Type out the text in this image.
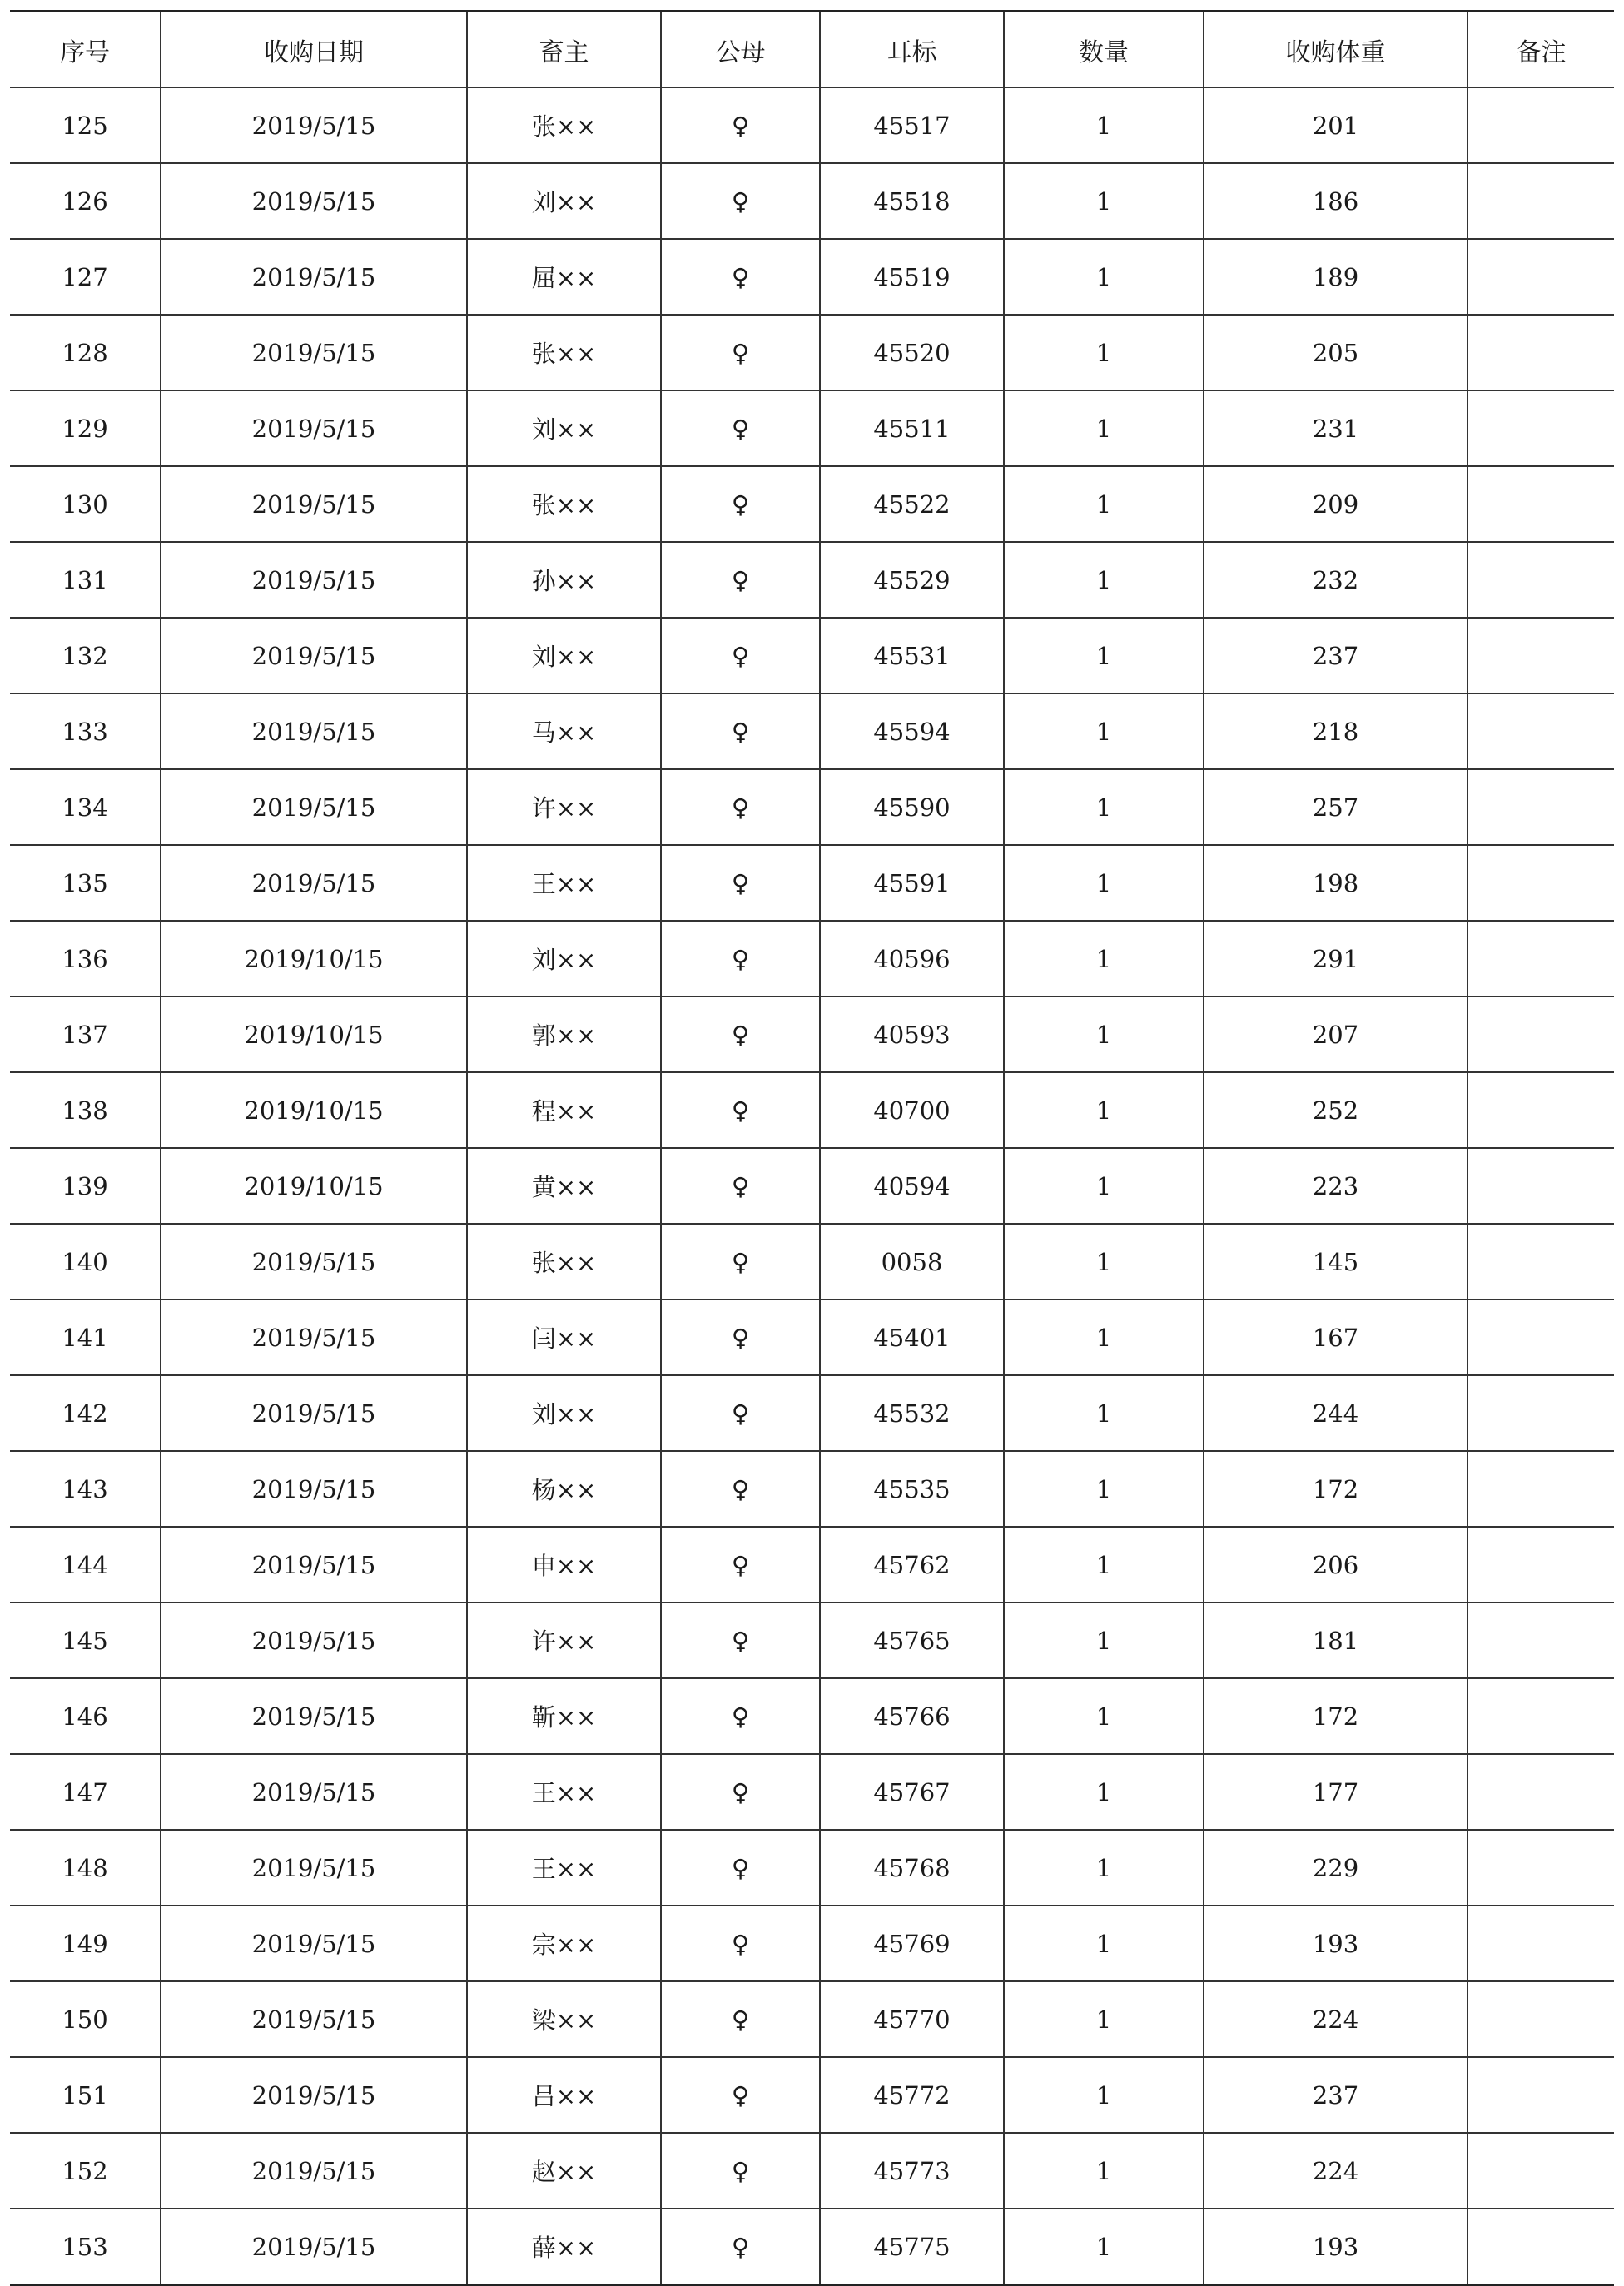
序号	收购日期	畜主	公母	耳标	数量	收购体重	备注
125	2019/5/15	张××	♀	45517	1	201	
126	2019/5/15	刘××	♀	45518	1	186	
127	2019/5/15	屈××	♀	45519	1	189	
128	2019/5/15	张××	♀	45520	1	205	
129	2019/5/15	刘××	♀	45511	1	231	
130	2019/5/15	张××	♀	45522	1	209	
131	2019/5/15	孙××	♀	45529	1	232	
132	2019/5/15	刘××	♀	45531	1	237	
133	2019/5/15	马××	♀	45594	1	218	
134	2019/5/15	许××	♀	45590	1	257	
135	2019/5/15	王××	♀	45591	1	198	
136	2019/10/15	刘××	♀	40596	1	291	
137	2019/10/15	郭××	♀	40593	1	207	
138	2019/10/15	程××	♀	40700	1	252	
139	2019/10/15	黄××	♀	40594	1	223	
140	2019/5/15	张××	♀	0058	1	145	
141	2019/5/15	闫××	♀	45401	1	167	
142	2019/5/15	刘××	♀	45532	1	244	
143	2019/5/15	杨××	♀	45535	1	172	
144	2019/5/15	申××	♀	45762	1	206	
145	2019/5/15	许××	♀	45765	1	181	
146	2019/5/15	靳××	♀	45766	1	172	
147	2019/5/15	王××	♀	45767	1	177	
148	2019/5/15	王××	♀	45768	1	229	
149	2019/5/15	宗××	♀	45769	1	193	
150	2019/5/15	梁××	♀	45770	1	224	
151	2019/5/15	吕××	♀	45772	1	237	
152	2019/5/15	赵××	♀	45773	1	224	
153	2019/5/15	薛××	♀	45775	1	193	
